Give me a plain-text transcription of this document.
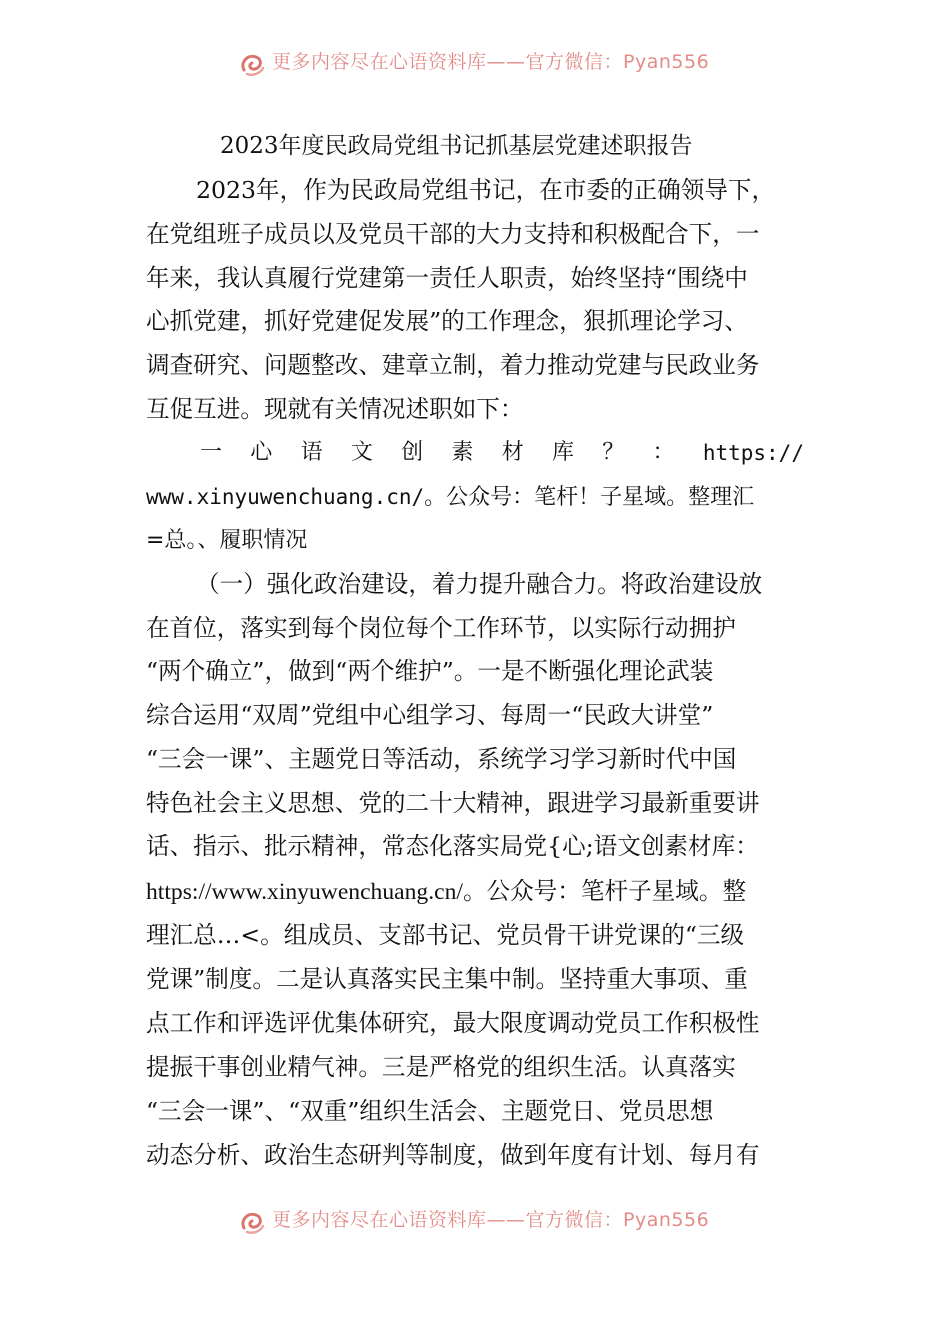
更多内容尽在心语资料库——官方微信：Pyan556
2023年度民政局党组书记抓基层党建述职报告
2023年，作为民政局党组书记，在市委的正确领导下，
在党组班子成员以及党员干部的大力支持和积极配合下，一
年来，我认真履行党建第一责任人职责，始终坚持“围绕中
心抓党建，抓好党建促发展”的工作理念，狠抓理论学习、
调查研究、问题整改、建章立制，着力推动党建与民政业务
互促互进。现就有关情况述职如下：
一 心 语 文 创 素 材 库 ？ ： https://
www.xinyuwenchuang.cn/。公众号：笔杆！子星域。整理汇
=总。、履职情况
（一）强化政治建设，着力提升融合力。将政治建设放
在首位，落实到每个岗位每个工作环节，以实际行动拥护
“两个确立”，做到“两个维护”。一是不断强化理论武装
综合运用“双周”党组中心组学习、每周一“民政大讲堂”
“三会一课”、主题党日等活动，系统学习学习新时代中国
特色社会主义思想、党的二十大精神，跟进学习最新重要讲
话、指示、批示精神，常态化落实局党{心;语文创素材库：
https://www.xinyuwenchuang.cn/。公众号：笔杆子星域。整
理汇总…<。组成员、支部书记、党员骨干讲党课的“三级
党课”制度。二是认真落实民主集中制。坚持重大事项、重
点工作和评选评优集体研究，最大限度调动党员工作积极性
提振干事创业精气神。三是严格党的组织生活。认真落实
“三会一课”、“双重”组织生活会、主题党日、党员思想
动态分析、政治生态研判等制度，做到年度有计划、每月有
更多内容尽在心语资料库——官方微信：Pyan556
